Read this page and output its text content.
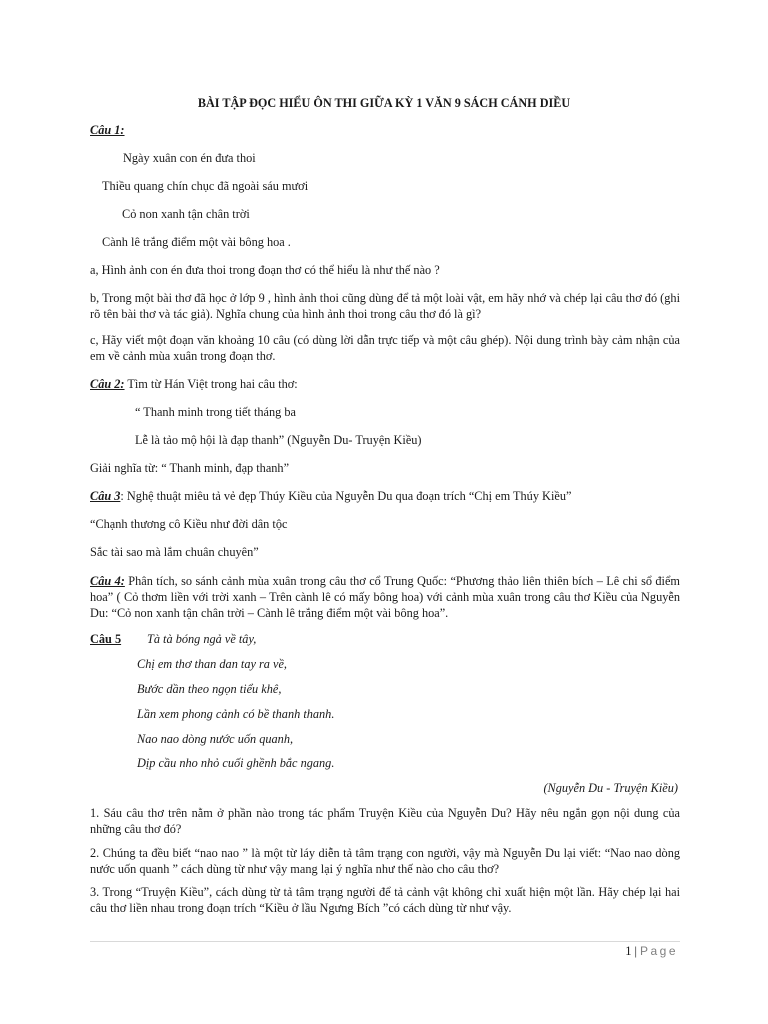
BÀI TẬP ĐỌC HIỂU ÔN THI GIỮA KỲ 1 VĂN 9 SÁCH CÁNH DIỀU
Câu 1:
Ngày xuân con én đưa thoi
Thiều quang chín chục đã ngoài sáu mươi
Cỏ non xanh tận chân trời
Cành lê trắng điểm một vài bông hoa .
a, Hình ảnh con én đưa thoi trong đoạn thơ có thể hiểu là như thế nào ?
b, Trong một bài thơ đã học ở lớp 9 , hình ảnh thoi cũng dùng để tả một loài vật, em hãy nhớ và chép lại câu thơ đó (ghi rõ tên bài thơ và tác giả). Nghĩa chung của hình ảnh thoi trong câu thơ đó là gì?
c, Hãy viết một đoạn văn khoảng 10 câu (có dùng lời dẫn trực tiếp và một câu ghép). Nội dung trình bày cảm nhận của em về cảnh mùa xuân trong đoạn thơ.
Câu 2: Tìm từ Hán Việt trong hai câu thơ:
“ Thanh minh trong tiết tháng ba
Lễ là tảo mộ hội là đạp thanh” (Nguyễn Du- Truyện Kiều)
Giải nghĩa từ: “ Thanh minh, đạp thanh”
Câu 3: Nghệ thuật miêu tả vẻ đẹp Thúy Kiều của Nguyễn Du qua đoạn trích “Chị em Thúy Kiều”
“Chạnh thương cô Kiều như đời dân tộc
Sắc tài sao mà lắm chuân chuyên”
Câu 4: Phân tích, so sánh cảnh mùa xuân trong câu thơ cổ Trung Quốc: “Phương thảo liên thiên bích – Lê chi sổ điểm hoa” ( Cỏ thơm liền với trời xanh – Trên cành lê có mấy bông hoa) với cảnh mùa xuân trong câu thơ Kiều của Nguyễn Du: “Cỏ non xanh tận chân trời – Cành lê trắng điểm một vài bông hoa”.
Câu 5 Tà tà bóng ngả về tây,
Chị em thơ than dan tay ra về,
Bước dần theo ngọn tiểu khê,
Lần xem phong cảnh có bề thanh thanh.
Nao nao dòng nước uốn quanh,
Dịp cầu nho nhỏ cuối ghềnh bắc ngang.
(Nguyễn Du - Truyện Kiều)
1. Sáu câu thơ trên nằm ở phần nào trong tác phẩm Truyện Kiều của Nguyễn Du? Hãy nêu ngắn gọn nội dung của những câu thơ đó?
2. Chúng ta đều biết “nao nao ” là một từ láy diễn tả tâm trạng con người, vậy mà Nguyễn Du lại viết: “Nao nao dòng nước uốn quanh ” cách dùng từ như vậy mang lại ý nghĩa như thế nào cho câu thơ?
3. Trong “Truyện Kiều”, cách dùng từ tả tâm trạng người để tả cảnh vật không chỉ xuất hiện một lần. Hãy chép lại hai câu thơ liền nhau trong đoạn trích “Kiều ở lầu Ngưng Bích ”có cách dùng từ như vậy.
1 | Page
